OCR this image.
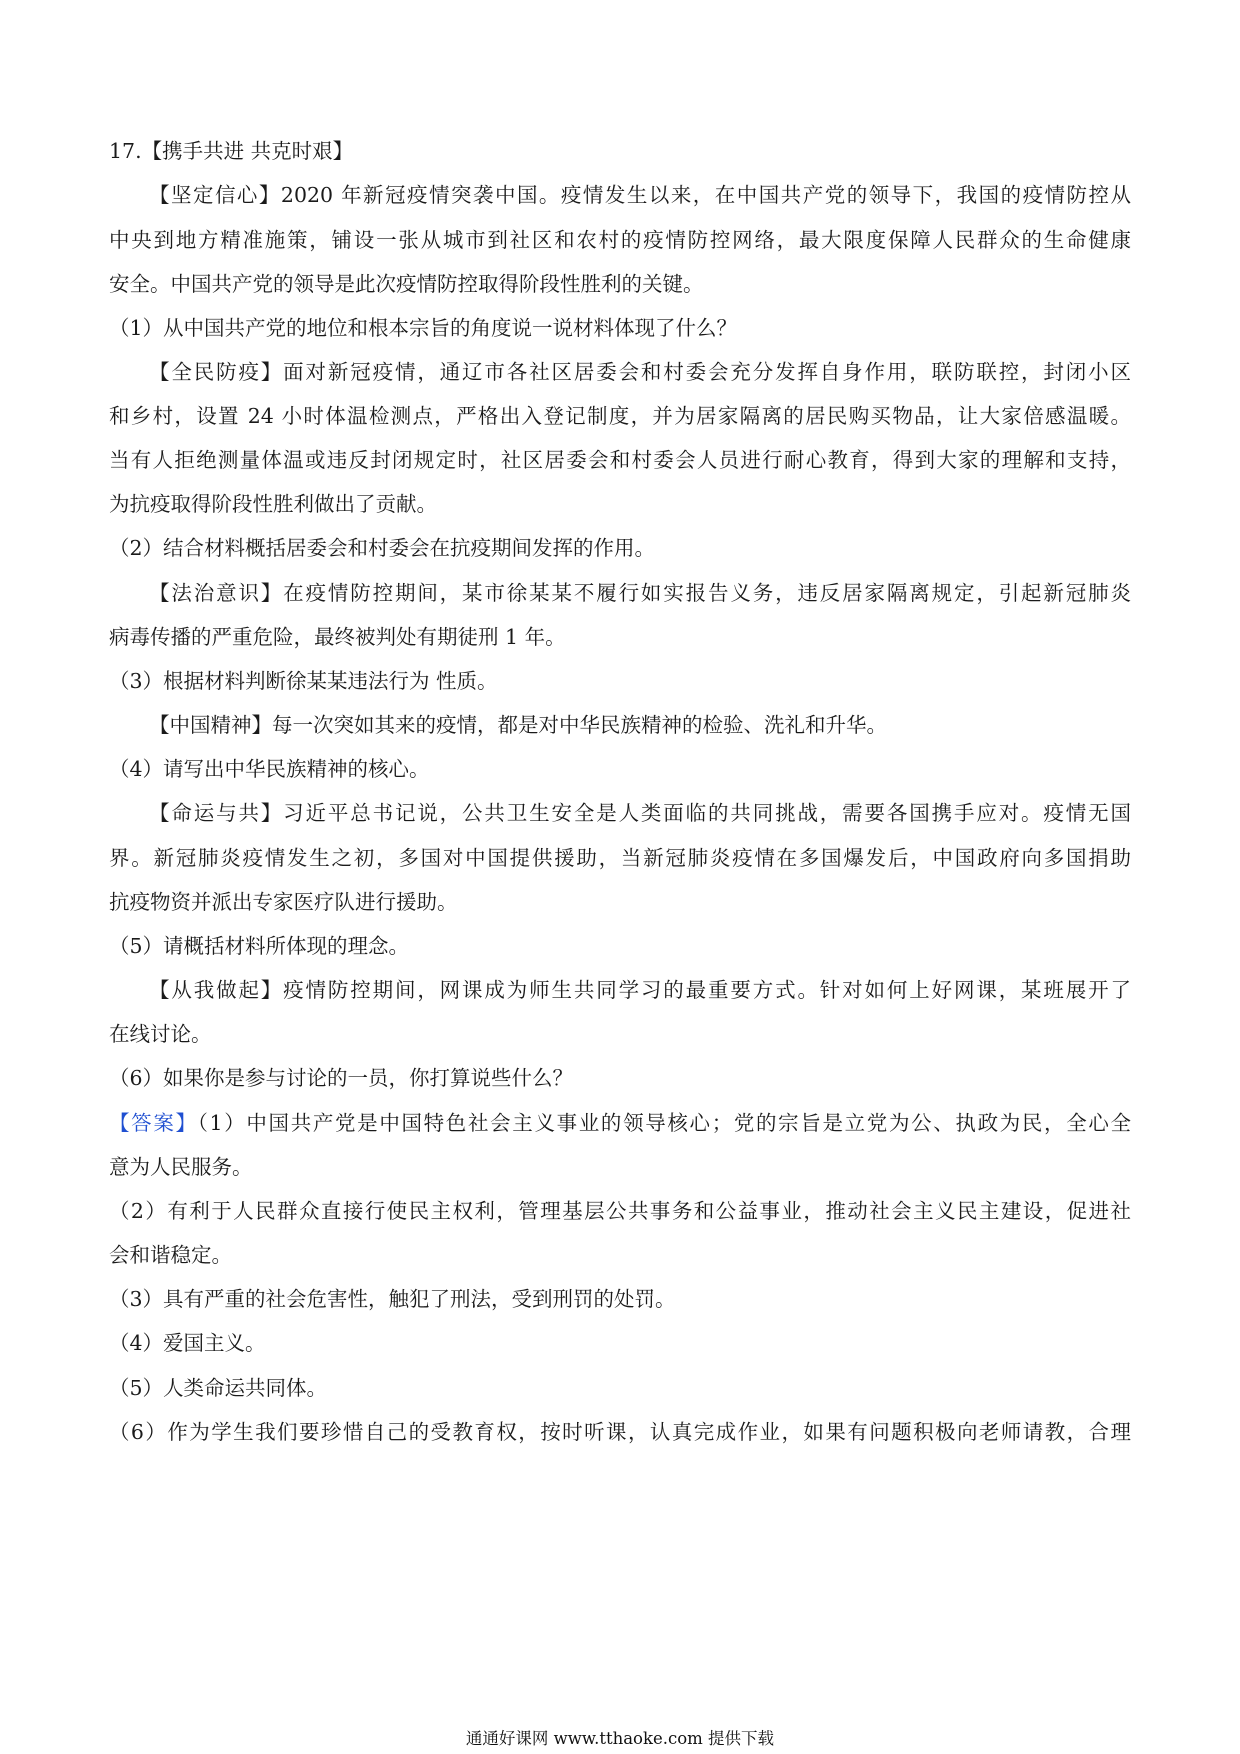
17.【携手共进 共克时艰】
【坚定信心】2020 年新冠疫情突袭中国。疫情发生以来，在中国共产党的领导下，我国的疫情防控从
中央到地方精准施策，铺设一张从城市到社区和农村的疫情防控网络，最大限度保障人民群众的生命健康
安全。中国共产党的领导是此次疫情防控取得阶段性胜利的关键。
（1）从中国共产党的地位和根本宗旨的角度说一说材料体现了什么？
【全民防疫】面对新冠疫情，通辽市各社区居委会和村委会充分发挥自身作用，联防联控，封闭小区
和乡村，设置 24 小时体温检测点，严格出入登记制度，并为居家隔离的居民购买物品，让大家倍感温暖。
当有人拒绝测量体温或违反封闭规定时，社区居委会和村委会人员进行耐心教育，得到大家的理解和支持，
为抗疫取得阶段性胜利做出了贡献。
（2）结合材料概括居委会和村委会在抗疫期间发挥的作用。
【法治意识】在疫情防控期间，某市徐某某不履行如实报告义务，违反居家隔离规定，引起新冠肺炎
病毒传播的严重危险，最终被判处有期徒刑 1 年。
（3）根据材料判断徐某某违法行为 性质。
【中国精神】每一次突如其来的疫情，都是对中华民族精神的检验、洗礼和升华。
（4）请写出中华民族精神的核心。
【命运与共】习近平总书记说，公共卫生安全是人类面临的共同挑战，需要各国携手应对。疫情无国
界。新冠肺炎疫情发生之初，多国对中国提供援助，当新冠肺炎疫情在多国爆发后，中国政府向多国捐助
抗疫物资并派出专家医疗队进行援助。
（5）请概括材料所体现的理念。
【从我做起】疫情防控期间，网课成为师生共同学习的最重要方式。针对如何上好网课，某班展开了
在线讨论。
（6）如果你是参与讨论的一员，你打算说些什么？
【答案】（1）中国共产党是中国特色社会主义事业的领导核心；党的宗旨是立党为公、执政为民，全心全
意为人民服务。
（2）有利于人民群众直接行使民主权利，管理基层公共事务和公益事业，推动社会主义民主建设，促进社
会和谐稳定。
（3）具有严重的社会危害性，触犯了刑法，受到刑罚的处罚。
（4）爱国主义。
（5）人类命运共同体。
（6）作为学生我们要珍惜自己的受教育权，按时听课，认真完成作业，如果有问题积极向老师请教，合理
通通好课网 www.tthaoke.com 提供下载
